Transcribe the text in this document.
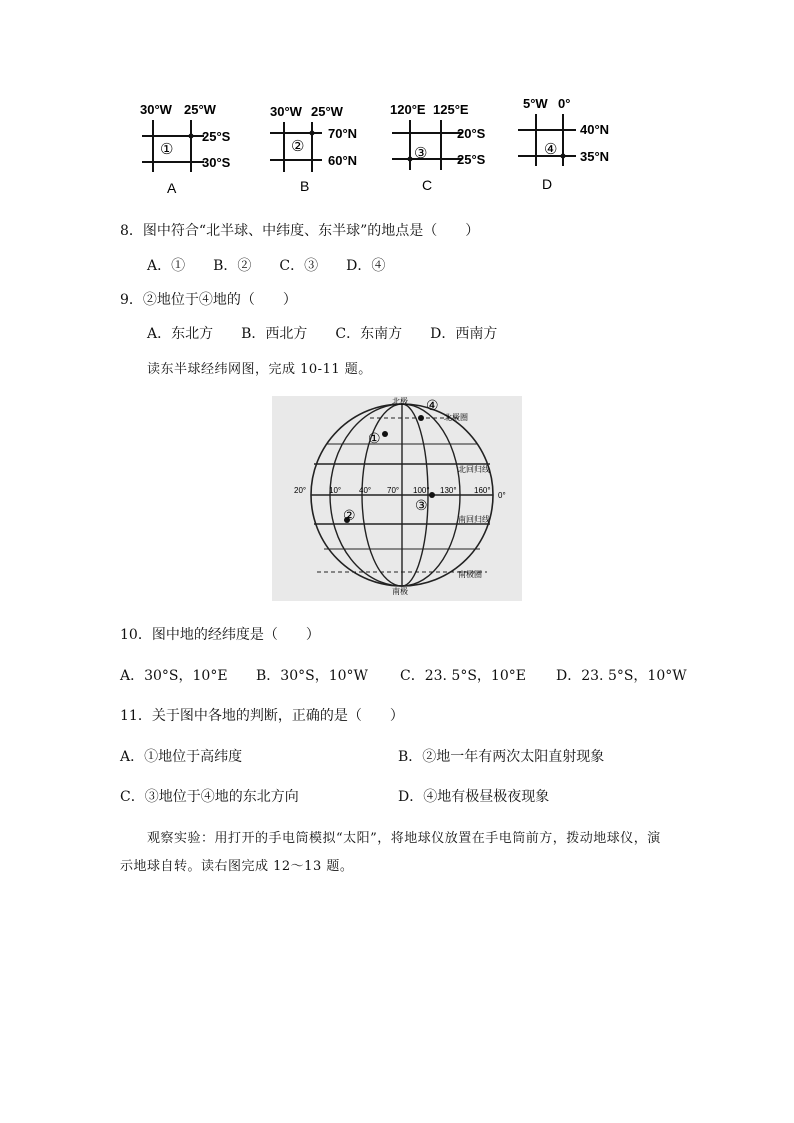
30°W 25°W
①
25°S
30°S
A
30°W 25°W
②
70°N
60°N
B
120°E 125°E
③
20°S
25°S
C
5°W 0°
④
40°N
35°N
D
8．图中符合“北半球、中纬度、东半球”的地点是（　　）
A．①　　B．②　　C．③　　D．④
9．②地位于④地的（　　）
A．东北方　　B．西北方　　C．东南方　　D．西南方
读东半球经纬网图，完成 10-11 题。
北极
南极
北极圈
北回归线
南回归线
南极圈
①
②
③
④
20°	10° 40° 70° 100° 130° 160°
0°
10．图中地的经纬度是（　　）
A．30°S，10°E B．30°S，10°W C．23. 5°S，10°E D．23. 5°S，10°W
11．关于图中各地的判断，正确的是（　　）
A．①地位于高纬度	B．②地一年有两次太阳直射现象
C．③地位于④地的东北方向	D．④地有极昼极夜现象
观察实验：用打开的手电筒模拟“太阳”，将地球仪放置在手电筒前方，拨动地球仪，演
示地球自转。读右图完成 12～13 题。
